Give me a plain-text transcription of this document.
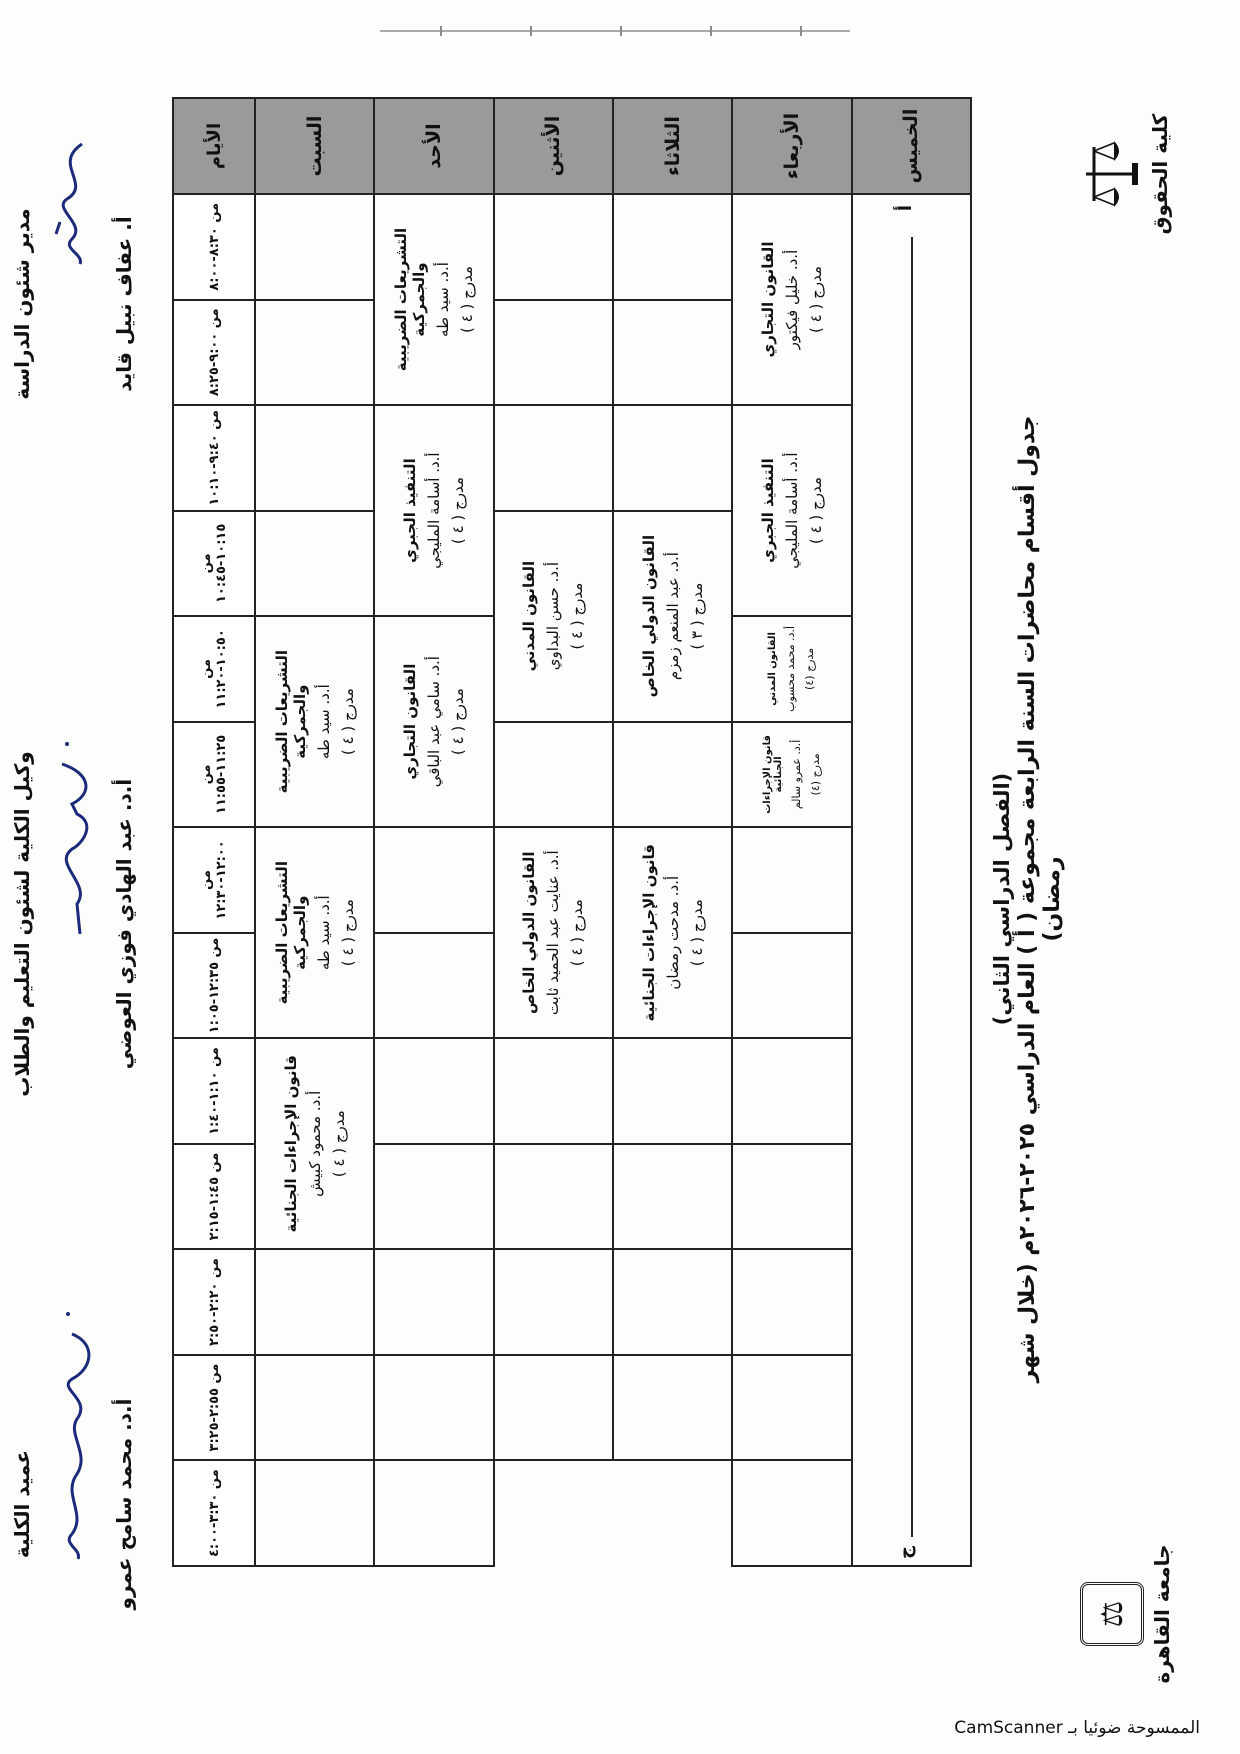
⚖	جامعة القاهرة
كلية الحقوق
جدول أقسام محاضرات السنة الرابعة مجموعة ( أ ) العام الدراسي ٢٠٢٥-٢٠٢٦م (خلال شهر رمضان)
(الفصل الدراسي الثاني)
الأيام	من ٨:٣٠-٨:٠٠	من ٩:٠٠-٨:٢٥	من ٩:٤٠-١٠:١٠	من ١٠:١٥-١٠:٤٥	من ١٠:٥٠-١١:٢٠	من ١١:٢٥-١١:٥٥	من ١٢:٠٠-١٢:٣٠	من ١٢:٣٥-١:٠٥	من ١:١٠-١:٤٠	من ١:٤٥-٢:١٥	من ٢:٢٠-٢:٥٠	من ٢:٥٥-٣:٢٥	من ٣:٣٠-٤:٠٠
السبت					التشريعات الضريبية والجمركية أ.د. سيد طه مدرج ( ٤ )		التشريعات الضريبية والجمركية أ.د. سيد طه مدرج ( ٤ )		قانون الإجراءات الجنائية أ.د. محمود كبيش مدرج ( ٤ )				

الأحد	التشريعات الضريبية والجمركية أ.د. سيد طه مدرج ( ٤ )		التنفيذ الجبري أ.د. أسامة المليجي مدرج ( ٤ )		القانون التجاري أ.د. سامي عبد الباقي مدرج ( ٤ )								

الأثنين				القانون المدني أ.د. حسن البداوي مدرج ( ٤ )			القانون الدولي الخاص أ.د. عنايت عبد الحميد ثابت مدرج ( ٤ )						

الثلاثاء				القانون الدولي الخاص أ.د. عبد المنعم زمزم مدرج ( ٣ )			قانون الإجراءات الجنائية أ.د. مدحت رمضان مدرج ( ٤ )						

الأربعاء	القانون التجاري أ.د. خليل فيكتور مدرج ( ٤ )		التنفيذ الجبري أ.د. أسامة المليجي مدرج ( ٤ )		القانون المدني أ.د. محمد محسوب مدرج (٤)	قانون الإجراءات الجنائية أ.د. عمرو سالم مدرج (٤)							

الخميس	أ
ج												
مدير شئون الدراسة	أ. عفاف نبيل قايد
وكيل الكلية لشئون التعليم والطلاب	أ.د. عبد الهادي فوزي العوضي
عميد الكلية	أ.د. محمد سامح عمرو
الممسوحة ضوئيا بـ CamScanner
